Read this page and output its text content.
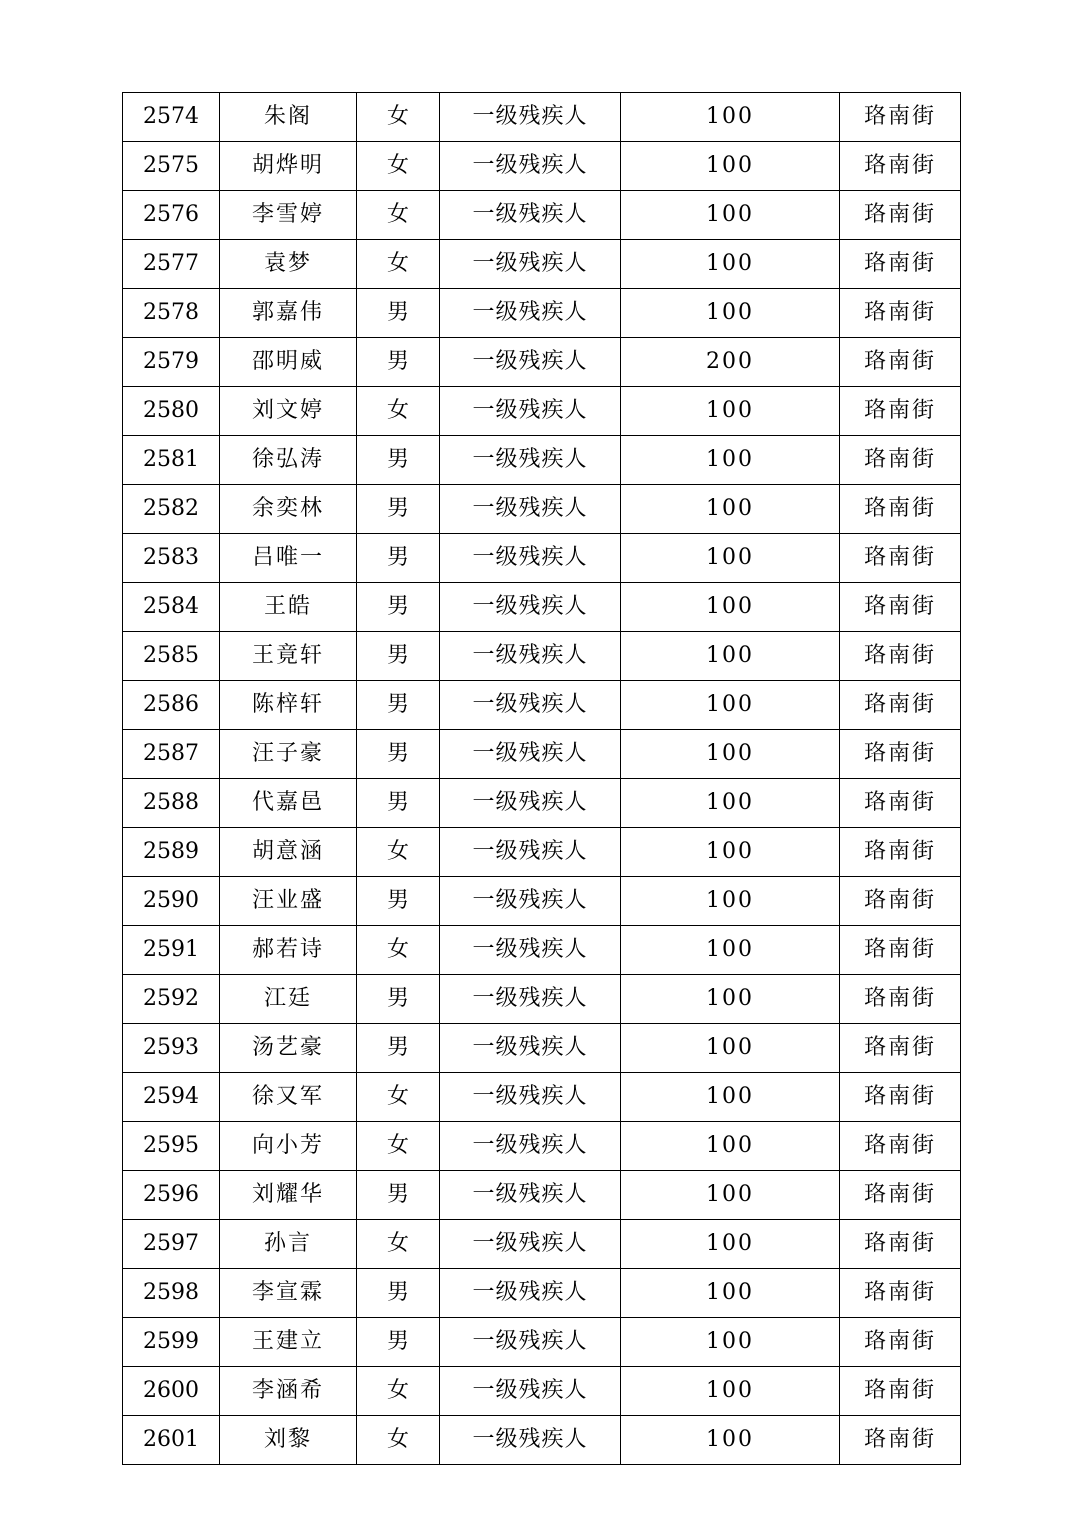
2574	朱阁	女	一级残疾人	100	珞南街
2575	胡烨明	女	一级残疾人	100	珞南街
2576	李雪婷	女	一级残疾人	100	珞南街
2577	袁梦	女	一级残疾人	100	珞南街
2578	郭嘉伟	男	一级残疾人	100	珞南街
2579	邵明威	男	一级残疾人	200	珞南街
2580	刘文婷	女	一级残疾人	100	珞南街
2581	徐弘涛	男	一级残疾人	100	珞南街
2582	余奕林	男	一级残疾人	100	珞南街
2583	吕唯一	男	一级残疾人	100	珞南街
2584	王皓	男	一级残疾人	100	珞南街
2585	王竟轩	男	一级残疾人	100	珞南街
2586	陈梓轩	男	一级残疾人	100	珞南街
2587	汪子豪	男	一级残疾人	100	珞南街
2588	代嘉邑	男	一级残疾人	100	珞南街
2589	胡意涵	女	一级残疾人	100	珞南街
2590	汪业盛	男	一级残疾人	100	珞南街
2591	郝若诗	女	一级残疾人	100	珞南街
2592	江廷	男	一级残疾人	100	珞南街
2593	汤艺豪	男	一级残疾人	100	珞南街
2594	徐又军	女	一级残疾人	100	珞南街
2595	向小芳	女	一级残疾人	100	珞南街
2596	刘耀华	男	一级残疾人	100	珞南街
2597	孙言	女	一级残疾人	100	珞南街
2598	李宣霖	男	一级残疾人	100	珞南街
2599	王建立	男	一级残疾人	100	珞南街
2600	李涵希	女	一级残疾人	100	珞南街
2601	刘黎	女	一级残疾人	100	珞南街
